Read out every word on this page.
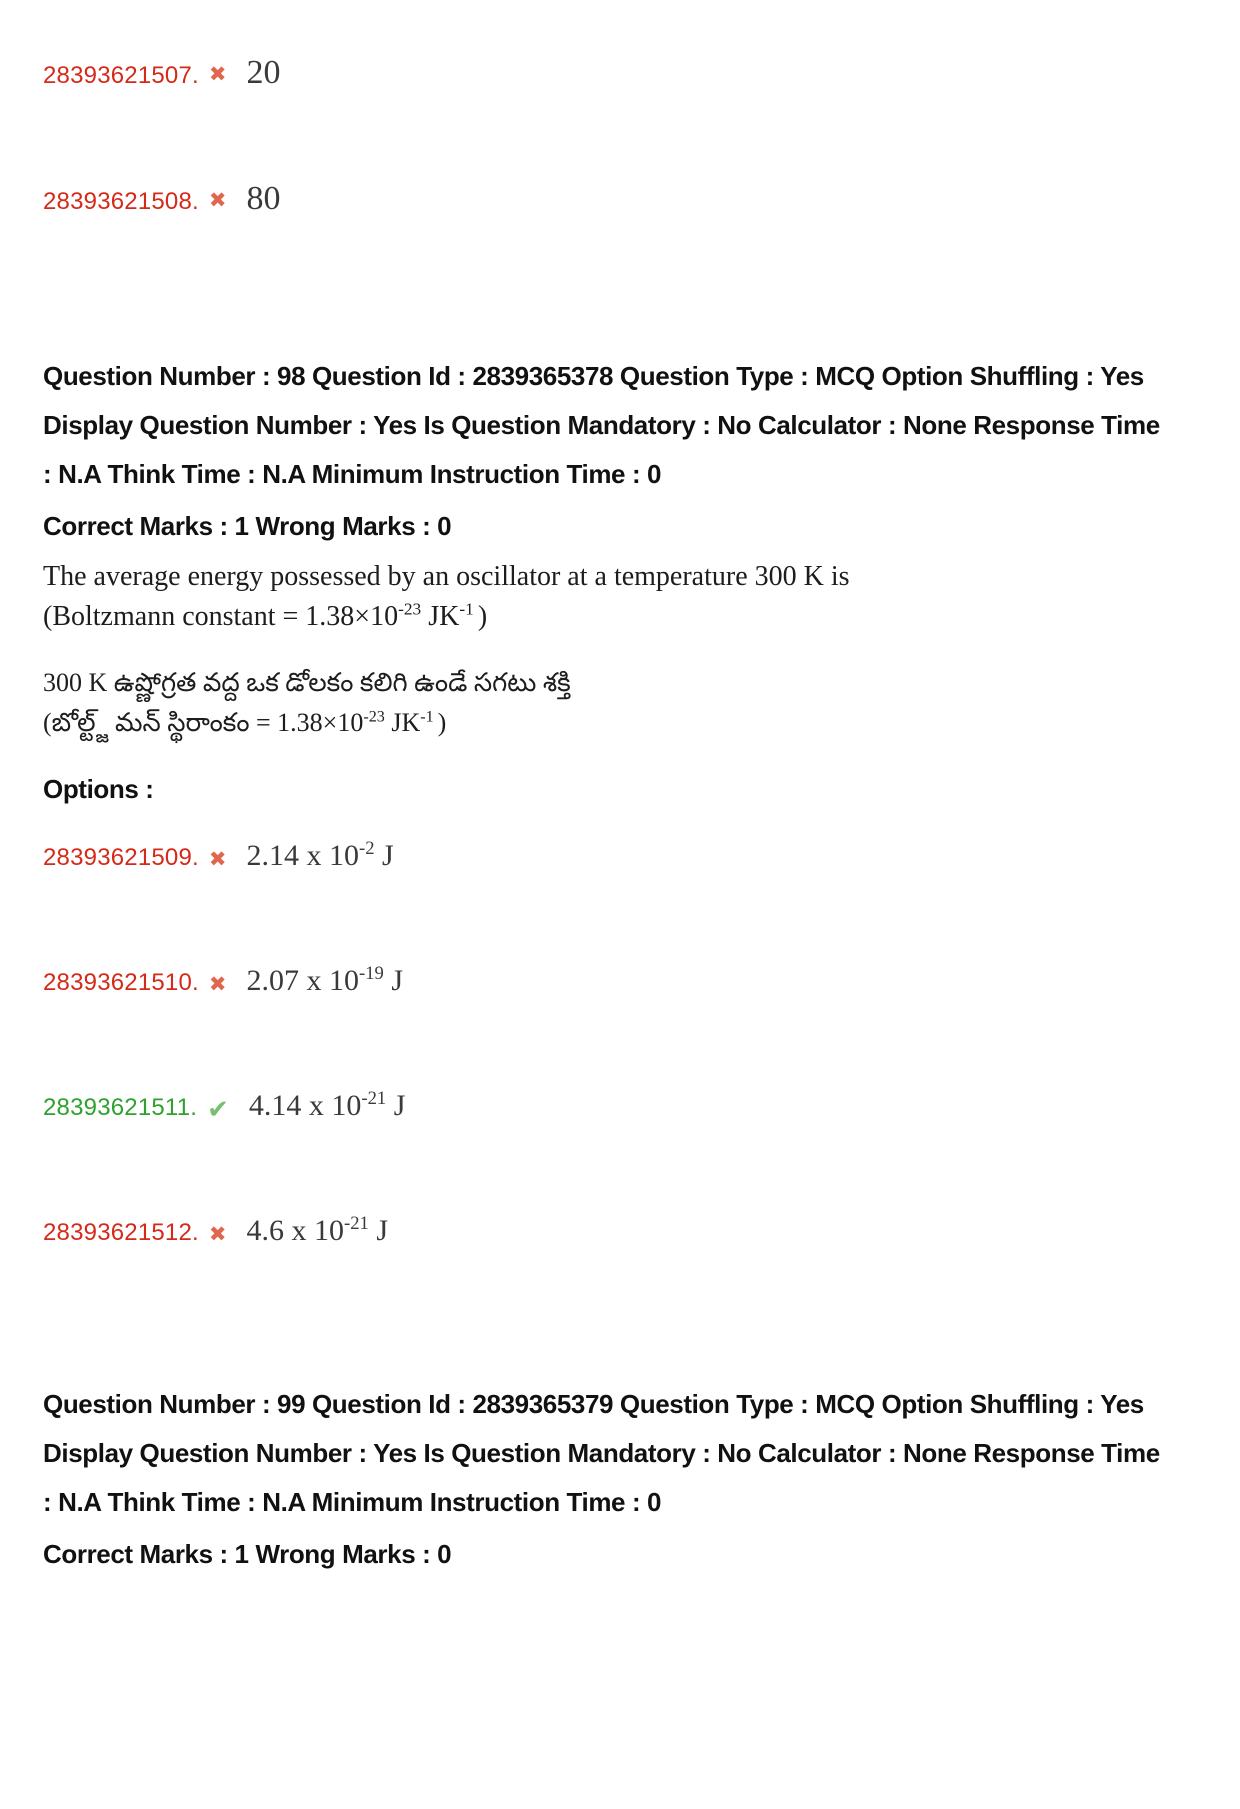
28393621507. ✖ 20
28393621508. ✖ 80
Question Number : 98 Question Id : 2839365378 Question Type : MCQ Option Shuffling : Yes
Display Question Number : Yes Is Question Mandatory : No Calculator : None Response Time
: N.A Think Time : N.A Minimum Instruction Time : 0
Correct Marks : 1 Wrong Marks : 0
The average energy possessed by an oscillator at a temperature 300 K is
(Boltzmann constant = $1.38\times 10^{-23}$ $JK^{-1}$ )
300 K ఉష్ణోగ్రత వద్ద ఒక డోలకం కలిగి ఉండే సగటు శక్తి
(బోల్ట్జ్ మన్ స్థిరాంకం = $1.38\times 10^{-23}$ $JK^{-1}$ )
Options :
28393621509. ✖ 2.14 x $10^{-2}$ J
28393621510. ✖ 2.07 x $10^{-19}$ J
28393621511. ✔ 4.14 x $10^{-21}$ J
28393621512. ✖ 4.6 x $10^{-21}$ J
Question Number : 99 Question Id : 2839365379 Question Type : MCQ Option Shuffling : Yes
Display Question Number : Yes Is Question Mandatory : No Calculator : None Response Time
: N.A Think Time : N.A Minimum Instruction Time : 0
Correct Marks : 1 Wrong Marks : 0
